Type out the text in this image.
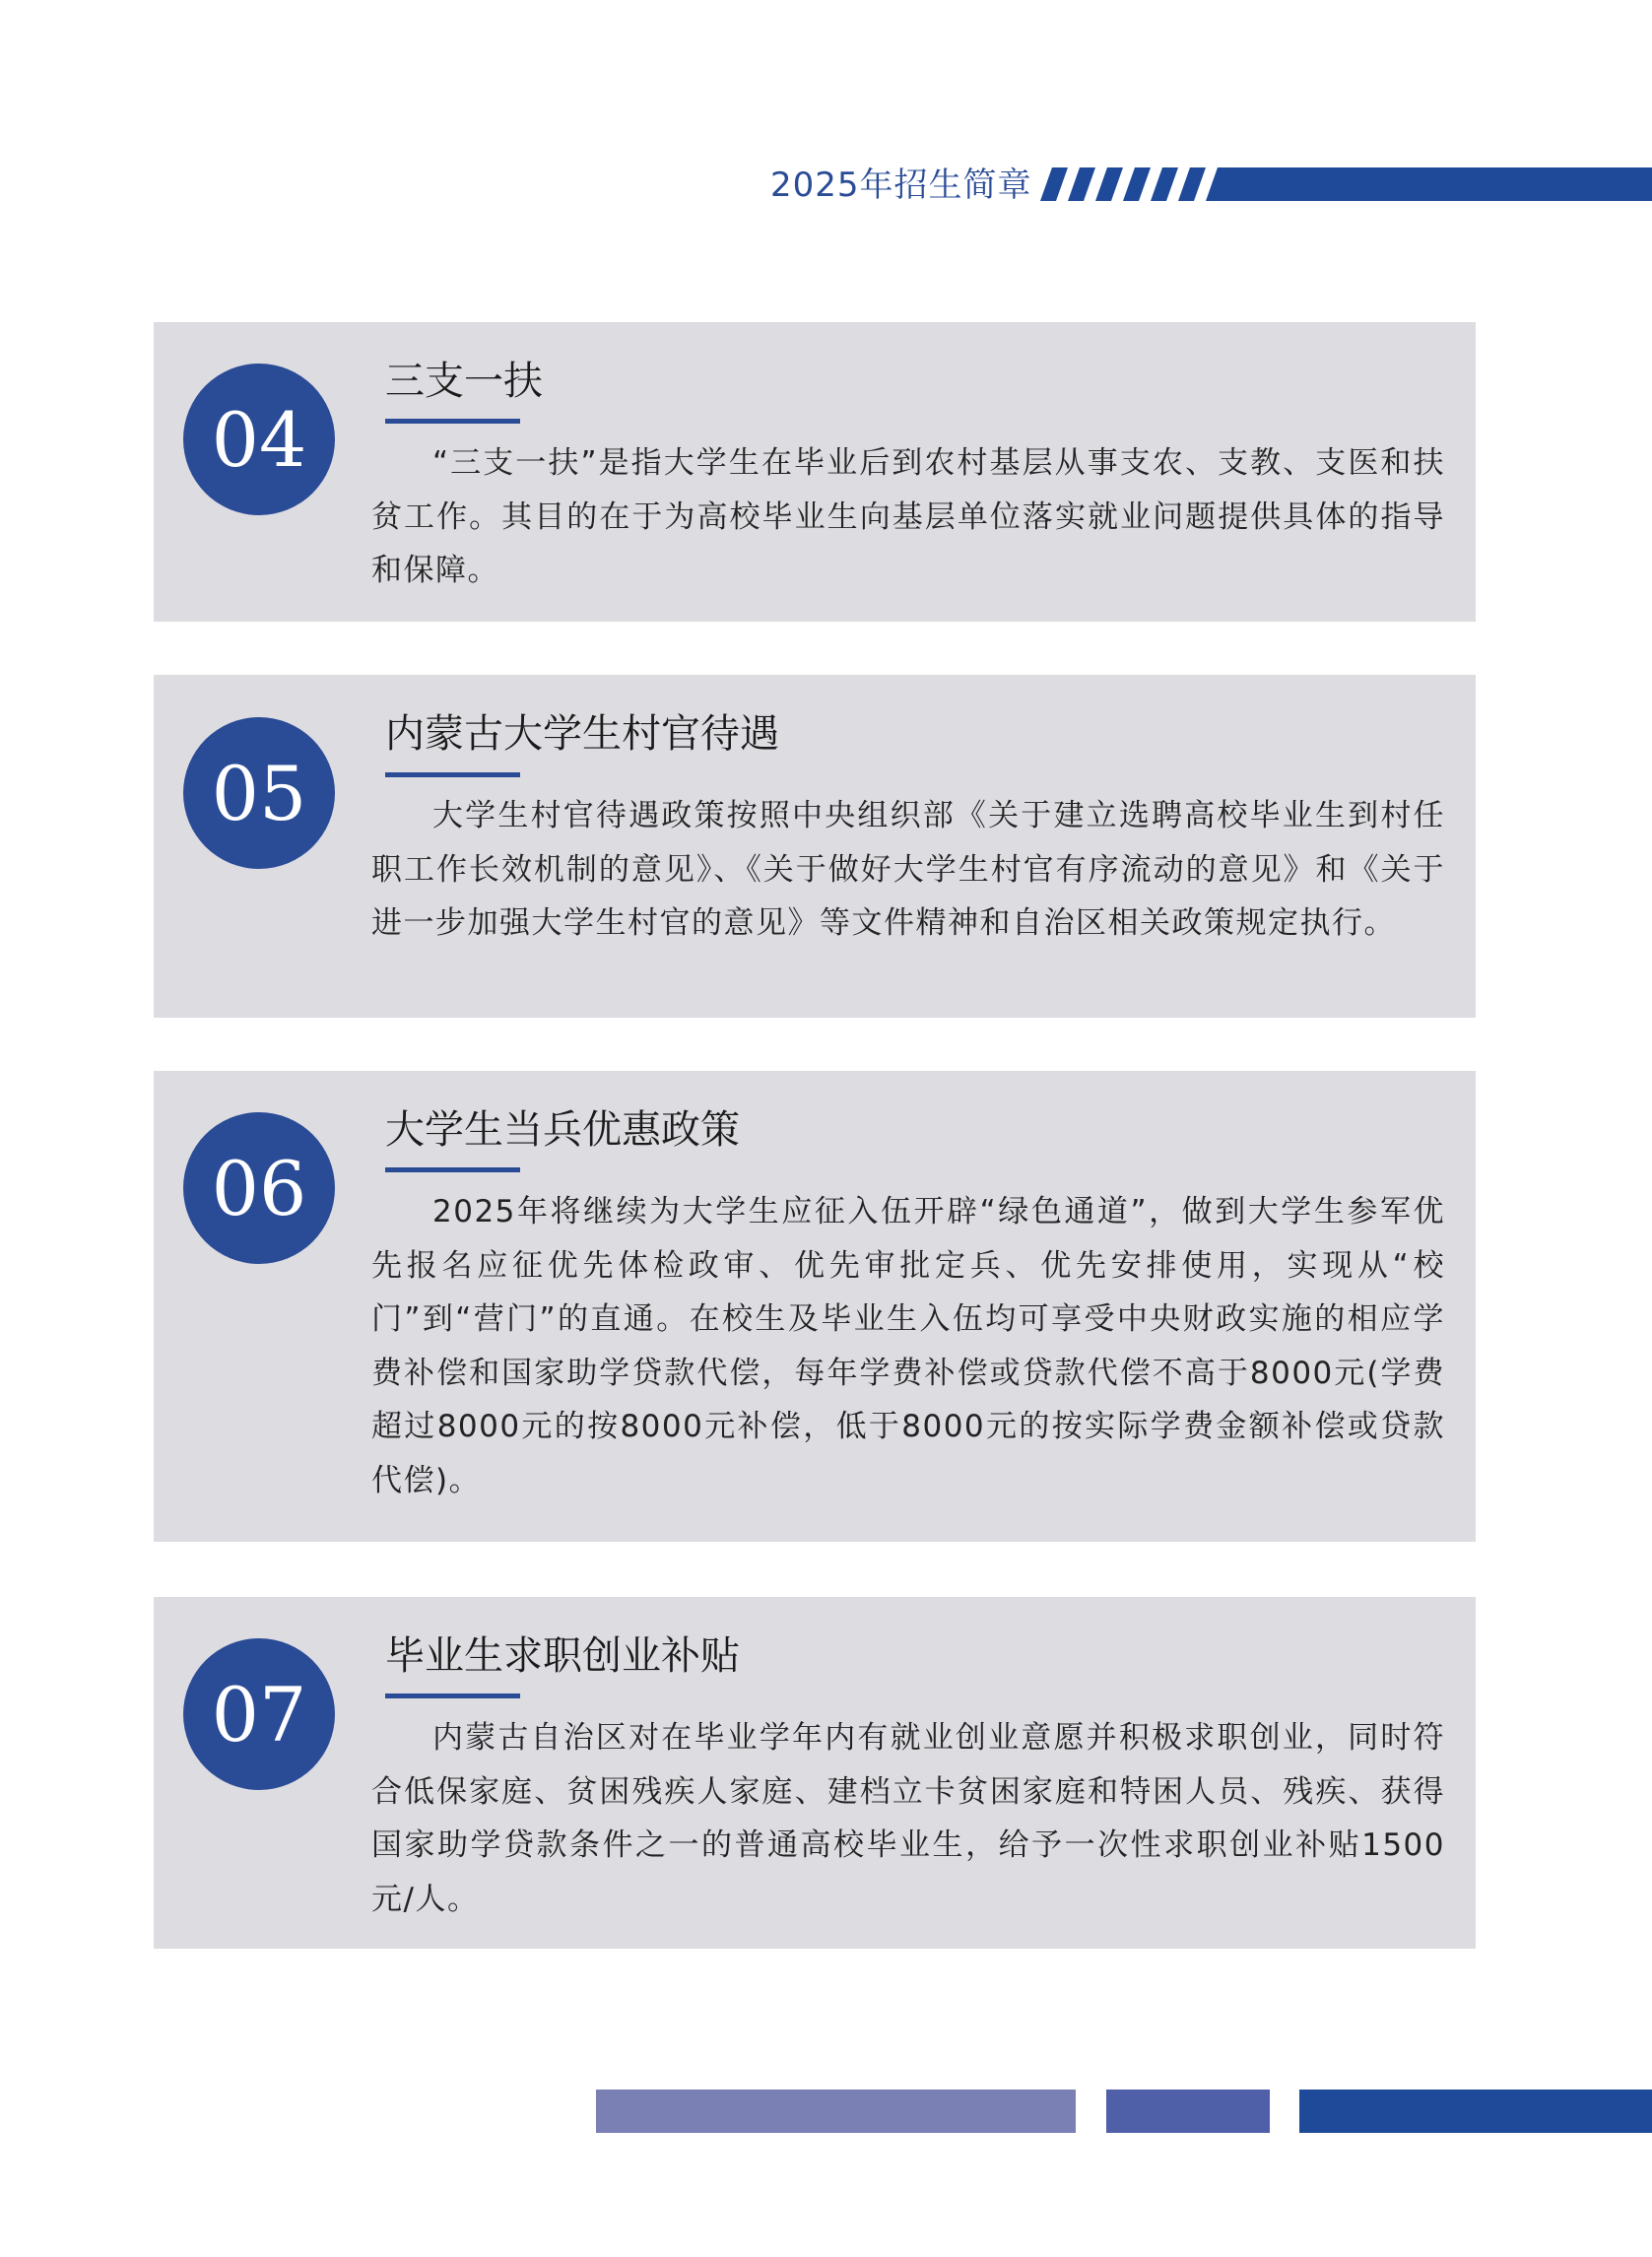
2025年招生简章
04
三支一扶

“三支一扶”是指大学生在毕业后到农村基层从事支农、支教、支医和扶贫工作。其目的在于为高校毕业生向基层单位落实就业问题提供具体的指导和保障。

05
内蒙古大学生村官待遇

大学生村官待遇政策按照中央组织部《关于建立选聘高校毕业生到村任职工作长效机制的意见》、《关于做好大学生村官有序流动的意见》和《关于进一步加强大学生村官的意见》等文件精神和自治区相关政策规定执行。

06
大学生当兵优惠政策

2025年将继续为大学生应征入伍开辟“绿色通道”，做到大学生参军优先报名应征优先体检政审、优先审批定兵、优先安排使用，实现从“校门”到“营门”的直通。在校生及毕业生入伍均可享受中央财政实施的相应学费补偿和国家助学贷款代偿，每年学费补偿或贷款代偿不高于8000元(学费超过8000元的按8000元补偿，低于8000元的按实际学费金额补偿或贷款代偿)。

07
毕业生求职创业补贴

内蒙古自治区对在毕业学年内有就业创业意愿并积极求职创业，同时符合低保家庭、贫困残疾人家庭、建档立卡贫困家庭和特困人员、残疾、获得国家助学贷款条件之一的普通高校毕业生，给予一次性求职创业补贴1500元/人。
